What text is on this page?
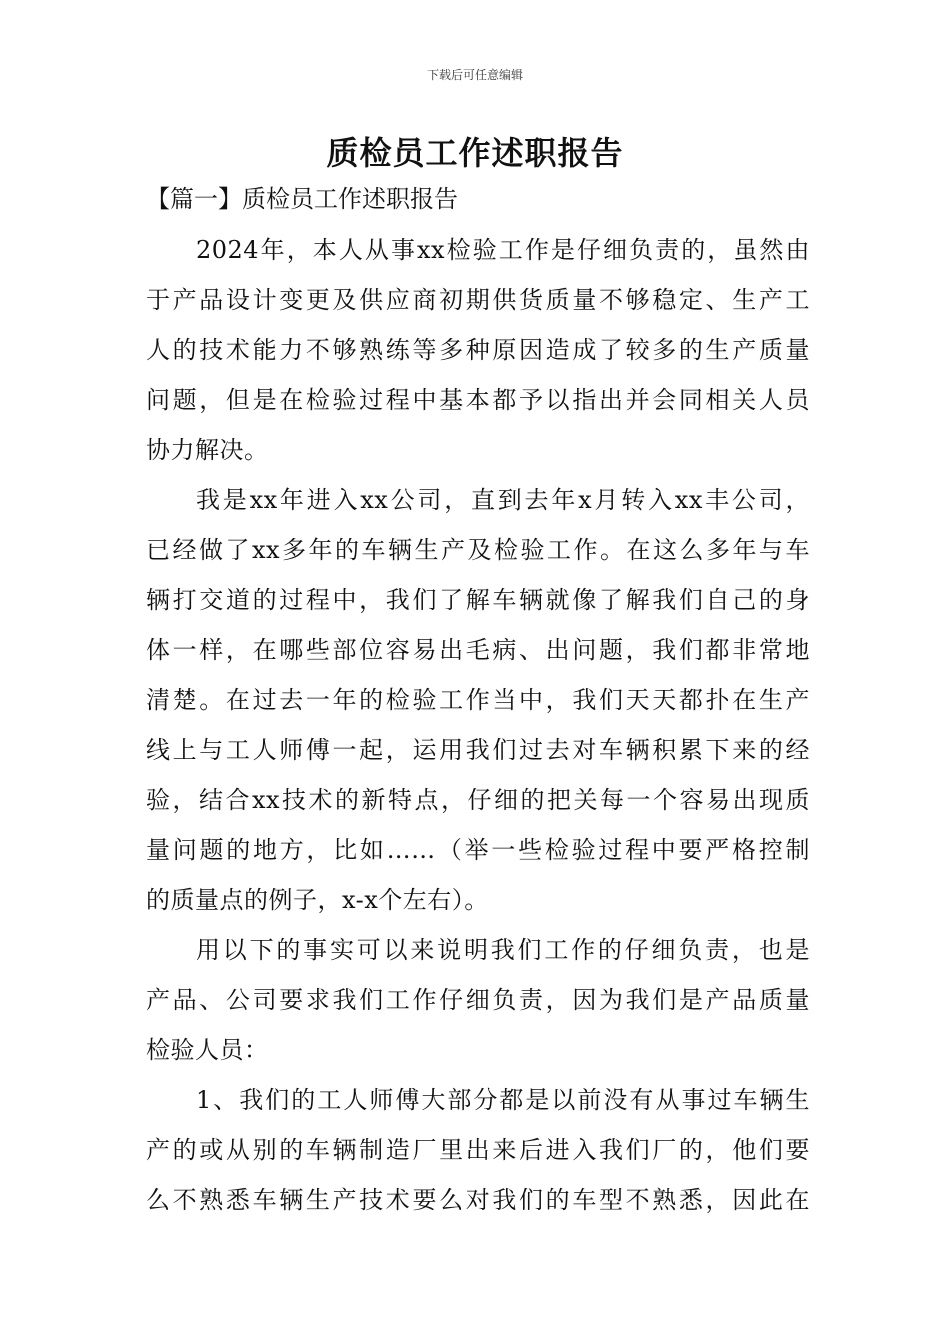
下载后可任意编辑
质检员工作述职报告
【篇一】质检员工作述职报告
2024年，本人从事xx检验工作是仔细负责的，虽然由
于产品设计变更及供应商初期供货质量不够稳定、生产工
人的技术能力不够熟练等多种原因造成了较多的生产质量
问题，但是在检验过程中基本都予以指出并会同相关人员
协力解决。
我是xx年进入xx公司，直到去年x月转入xx丰公司，
已经做了xx多年的车辆生产及检验工作。在这么多年与车
辆打交道的过程中，我们了解车辆就像了解我们自己的身
体一样，在哪些部位容易出毛病、出问题，我们都非常地
清楚。在过去一年的检验工作当中，我们天天都扑在生产
线上与工人师傅一起，运用我们过去对车辆积累下来的经
验，结合xx技术的新特点，仔细的把关每一个容易出现质
量问题的地方，比如……（举一些检验过程中要严格控制
的质量点的例子，x-x个左右）。
用以下的事实可以来说明我们工作的仔细负责，也是
产品、公司要求我们工作仔细负责，因为我们是产品质量
检验人员：
1、我们的工人师傅大部分都是以前没有从事过车辆生
产的或从别的车辆制造厂里出来后进入我们厂的，他们要
么不熟悉车辆生产技术要么对我们的车型不熟悉，因此在
